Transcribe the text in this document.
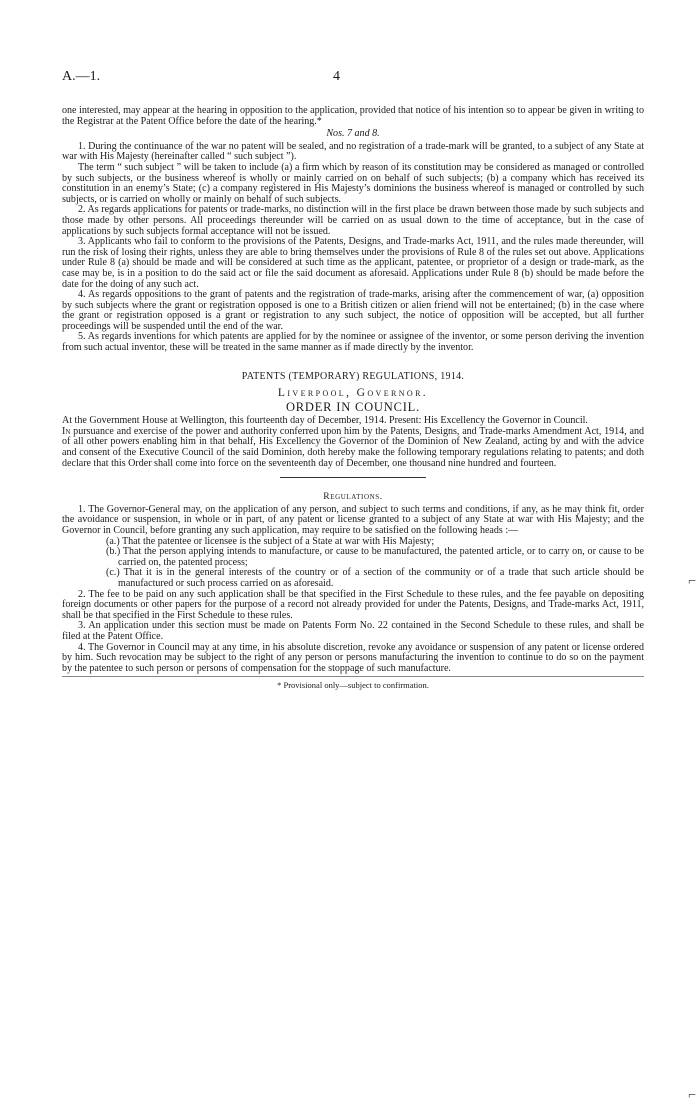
A.—1.	4

one interested, may appear at the hearing in opposition to the application, provided that notice of his intention so to appear be given in writing to the Registrar at the Patent Office before the date of the hearing.*

Nos. 7 and 8.

1. During the continuance of the war no patent will be sealed, and no registration of a trade-mark will be granted, to a subject of any State at war with His Majesty (hereinafter called “ such subject ”).

The term “ such subject ” will be taken to include (a) a firm which by reason of its constitution may be considered as managed or controlled by such subjects, or the business whereof is wholly or mainly carried on on behalf of such subjects; (b) a company which has received its constitution in an enemy’s State; (c) a company registered in His Majesty’s dominions the business whereof is managed or controlled by such subjects, or is carried on wholly or mainly on behalf of such subjects.

2. As regards applications for patents or trade-marks, no distinction will in the first place be drawn between those made by such subjects and those made by other persons. All proceedings thereunder will be carried on as usual down to the time of acceptance, but in the case of applications by such subjects formal acceptance will not be issued.

3. Applicants who fail to conform to the provisions of the Patents, Designs, and Trade-marks Act, 1911, and the rules made thereunder, will run the risk of losing their rights, unless they are able to bring themselves under the provisions of Rule 8 of the rules set out above. Applications under Rule 8 (a) should be made and will be considered at such time as the applicant, patentee, or proprietor of a design or trade-mark, as the case may be, is in a position to do the said act or file the said document as aforesaid. Applications under Rule 8 (b) should be made before the date for the doing of any such act.

4. As regards oppositions to the grant of patents and the registration of trade-marks, arising after the commencement of war, (a) opposition by such subjects where the grant or registration opposed is one to a British citizen or alien friend will not be entertained; (b) in the case where the grant or registration opposed is a grant or registration to any such subject, the notice of opposition will be accepted, but all further proceedings will be suspended until the end of the war.

5. As regards inventions for which patents are applied for by the nominee or assignee of the inventor, or some person deriving the invention from such actual inventor, these will be treated in the same manner as if made directly by the inventor.

PATENTS (TEMPORARY) REGULATIONS, 1914.

Liverpool, Governor.

ORDER IN COUNCIL.

At the Government House at Wellington, this fourteenth day of December, 1914. Present: His Excellency the Governor in Council.

In pursuance and exercise of the power and authority conferred upon him by the Patents, Designs, and Trade-marks Amendment Act, 1914, and of all other powers enabling him in that behalf, His Excellency the Governor of the Dominion of New Zealand, acting by and with the advice and consent of the Executive Council of the said Dominion, doth hereby make the following temporary regulations relating to patents; and doth declare that this Order shall come into force on the seventeenth day of December, one thousand nine hundred and fourteen.

Regulations.

1. The Governor-General may, on the application of any person, and subject to such terms and conditions, if any, as he may think fit, order the avoidance or suspension, in whole or in part, of any patent or license granted to a subject of any State at war with His Majesty; and the Governor in Council, before granting any such application, may require to be satisfied on the following heads :—

(a.) That the patentee or licensee is the subject of a State at war with His Majesty;

(b.) That the person applying intends to manufacture, or cause to be manufactured, the patented article, or to carry on, or cause to be carried on, the patented process;

(c.) That it is in the general interests of the country or of a section of the community or of a trade that such article should be manufactured or such process carried on as aforesaid.

2. The fee to be paid on any such application shall be that specified in the First Schedule to these rules, and the fee payable on depositing foreign documents or other papers for the purpose of a record not already provided for under the Patents, Designs, and Trade-marks Act, 1911, shall be that specified in the First Schedule to these rules.

3. An application under this section must be made on Patents Form No. 22 contained in the Second Schedule to these rules, and shall be filed at the Patent Office.

4. The Governor in Council may at any time, in his absolute discretion, revoke any avoidance or suspension of any patent or license ordered by him. Such revocation may be subject to the right of any person or persons manufacturing the invention to continue to do so on the payment by the patentee to such person or persons of compensation for the stoppage of such manufacture.

* Provisional only—subject to confirmation.

⌐
⌐
